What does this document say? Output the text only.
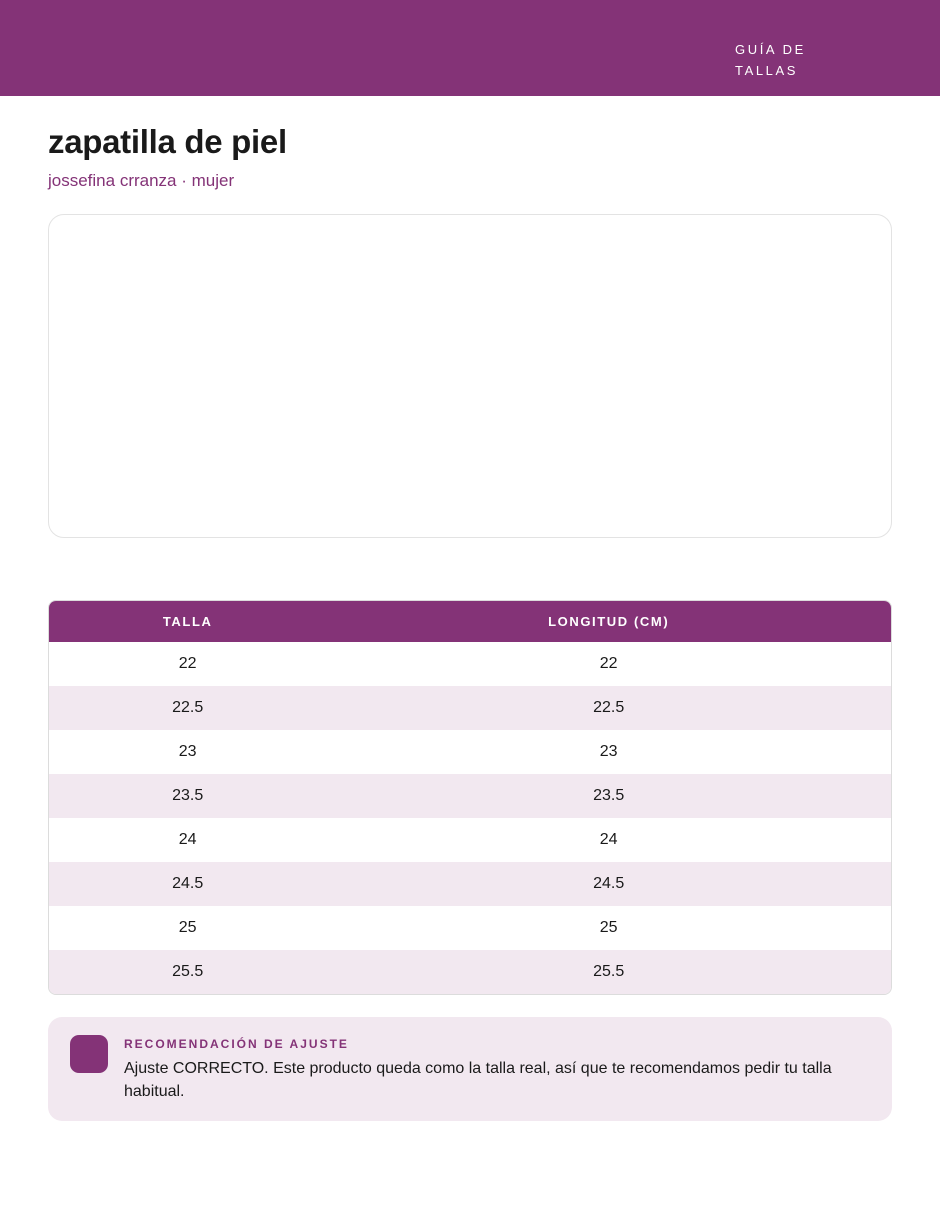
GUÍA DE TALLAS
zapatilla de piel
jossefina crranza · mujer
TALLA	LONGITUD (CM)
22	22
22.5	22.5
23	23
23.5	23.5
24	24
24.5	24.5
25	25
25.5	25.5
RECOMENDACIÓN DE AJUSTE
Ajuste CORRECTO. Este producto queda como la talla real, así que te recomendamos pedir tu talla habitual.
